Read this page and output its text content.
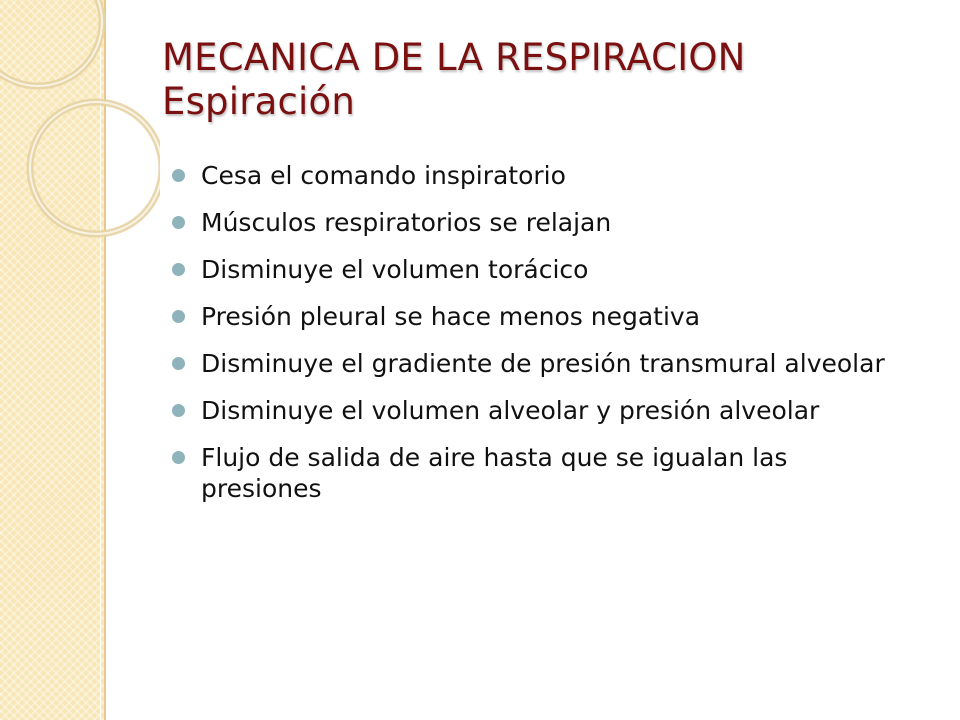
MECANICA DE LA RESPIRACION
Espiración
Cesa el comando inspiratorio
Músculos respiratorios se relajan
Disminuye el volumen torácico
Presión pleural se hace menos negativa
Disminuye el gradiente de presión transmural alveolar
Disminuye el volumen alveolar y presión alveolar
Flujo de salida de aire hasta que se igualan las presiones
